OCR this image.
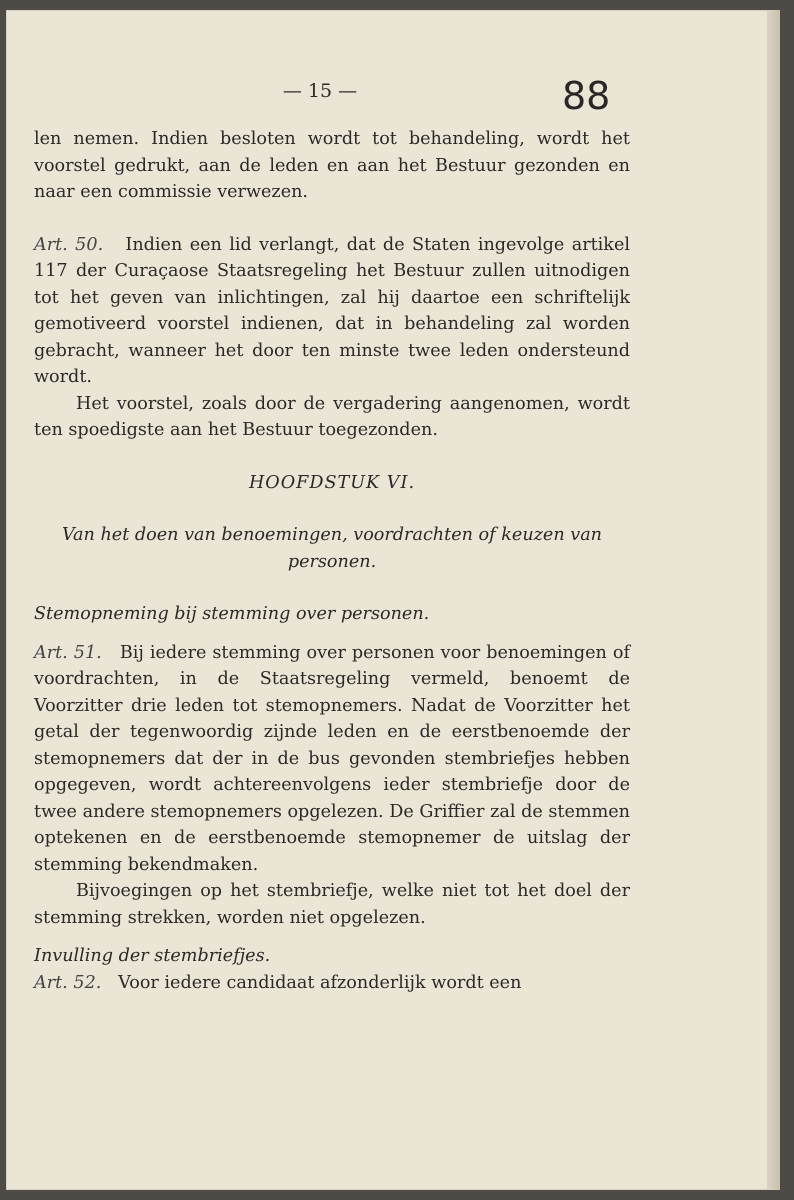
— 15 —	88

len nemen. Indien besloten wordt tot behandeling, wordt het voorstel gedrukt, aan de leden en aan het Bestuur gezonden en naar een commissie verwezen.

Art. 50. Indien een lid verlangt, dat de Staten ingevolge artikel 117 der Curaçaose Staatsregeling het Bestuur zullen uitnodigen tot het geven van inlichtingen, zal hij daartoe een schriftelijk gemotiveerd voorstel indienen, dat in behandeling zal worden gebracht, wanneer het door ten minste twee leden ondersteund wordt.

Het voorstel, zoals door de vergadering aangenomen, wordt ten spoedigste aan het Bestuur toegezonden.

HOOFDSTUK VI.

Van het doen van benoemingen, voordrachten of keuzen van personen.

Stemopneming bij stemming over personen.

Art. 51. Bij iedere stemming over personen voor benoemingen of voordrachten, in de Staatsregeling vermeld, benoemt de Voorzitter drie leden tot stemopnemers. Nadat de Voorzitter het getal der tegenwoordig zijnde leden en de eerstbenoemde der stemopnemers dat der in de bus gevonden stembriefjes hebben opgegeven, wordt achtereenvolgens ieder stembriefje door de twee andere stemopnemers opgelezen. De Griffier zal de stemmen optekenen en de eerstbenoemde stemopnemer de uitslag der stemming bekendmaken.

Bijvoegingen op het stembriefje, welke niet tot het doel der stemming strekken, worden niet opgelezen.

Invulling der stembriefjes.

Art. 52. Voor iedere candidaat afzonderlijk wordt een
